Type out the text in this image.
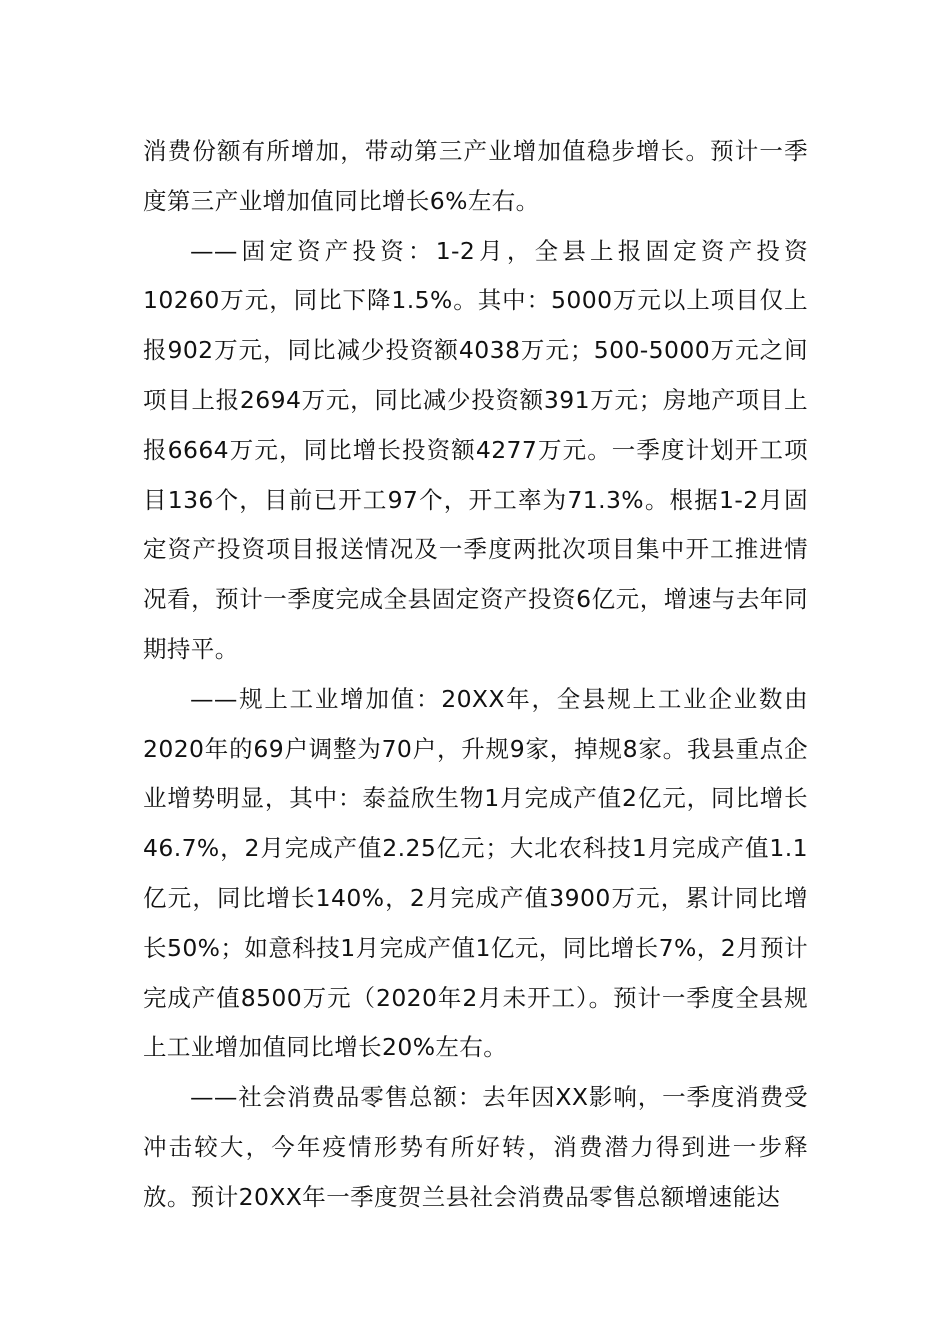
消费份额有所增加，带动第三产业增加值稳步增长。预计一季度第三产业增加值同比增长6%左右。

——固定资产投资：1-2月，全县上报固定资产投资10260万元，同比下降1.5%。其中：5000万元以上项目仅上报902万元，同比减少投资额4038万元；500-5000万元之间项目上报2694万元，同比减少投资额391万元；房地产项目上报6664万元，同比增长投资额4277万元。一季度计划开工项目136个，目前已开工97个，开工率为71.3%。根据1-2月固定资产投资项目报送情况及一季度两批次项目集中开工推进情况看，预计一季度完成全县固定资产投资6亿元，增速与去年同期持平。

——规上工业增加值：20XX年，全县规上工业企业数由2020年的69户调整为70户，升规9家，掉规8家。我县重点企业增势明显，其中：泰益欣生物1月完成产值2亿元，同比增长46.7%，2月完成产值2.25亿元；大北农科技1月完成产值1.1亿元，同比增长140%，2月完成产值3900万元，累计同比增长50%；如意科技1月完成产值1亿元，同比增长7%，2月预计完成产值8500万元（2020年2月未开工）。预计一季度全县规上工业增加值同比增长20%左右。

——社会消费品零售总额：去年因XX影响，一季度消费受冲击较大，今年疫情形势有所好转，消费潜力得到进一步释放。预计20XX年一季度贺兰县社会消费品零售总额增速能达
